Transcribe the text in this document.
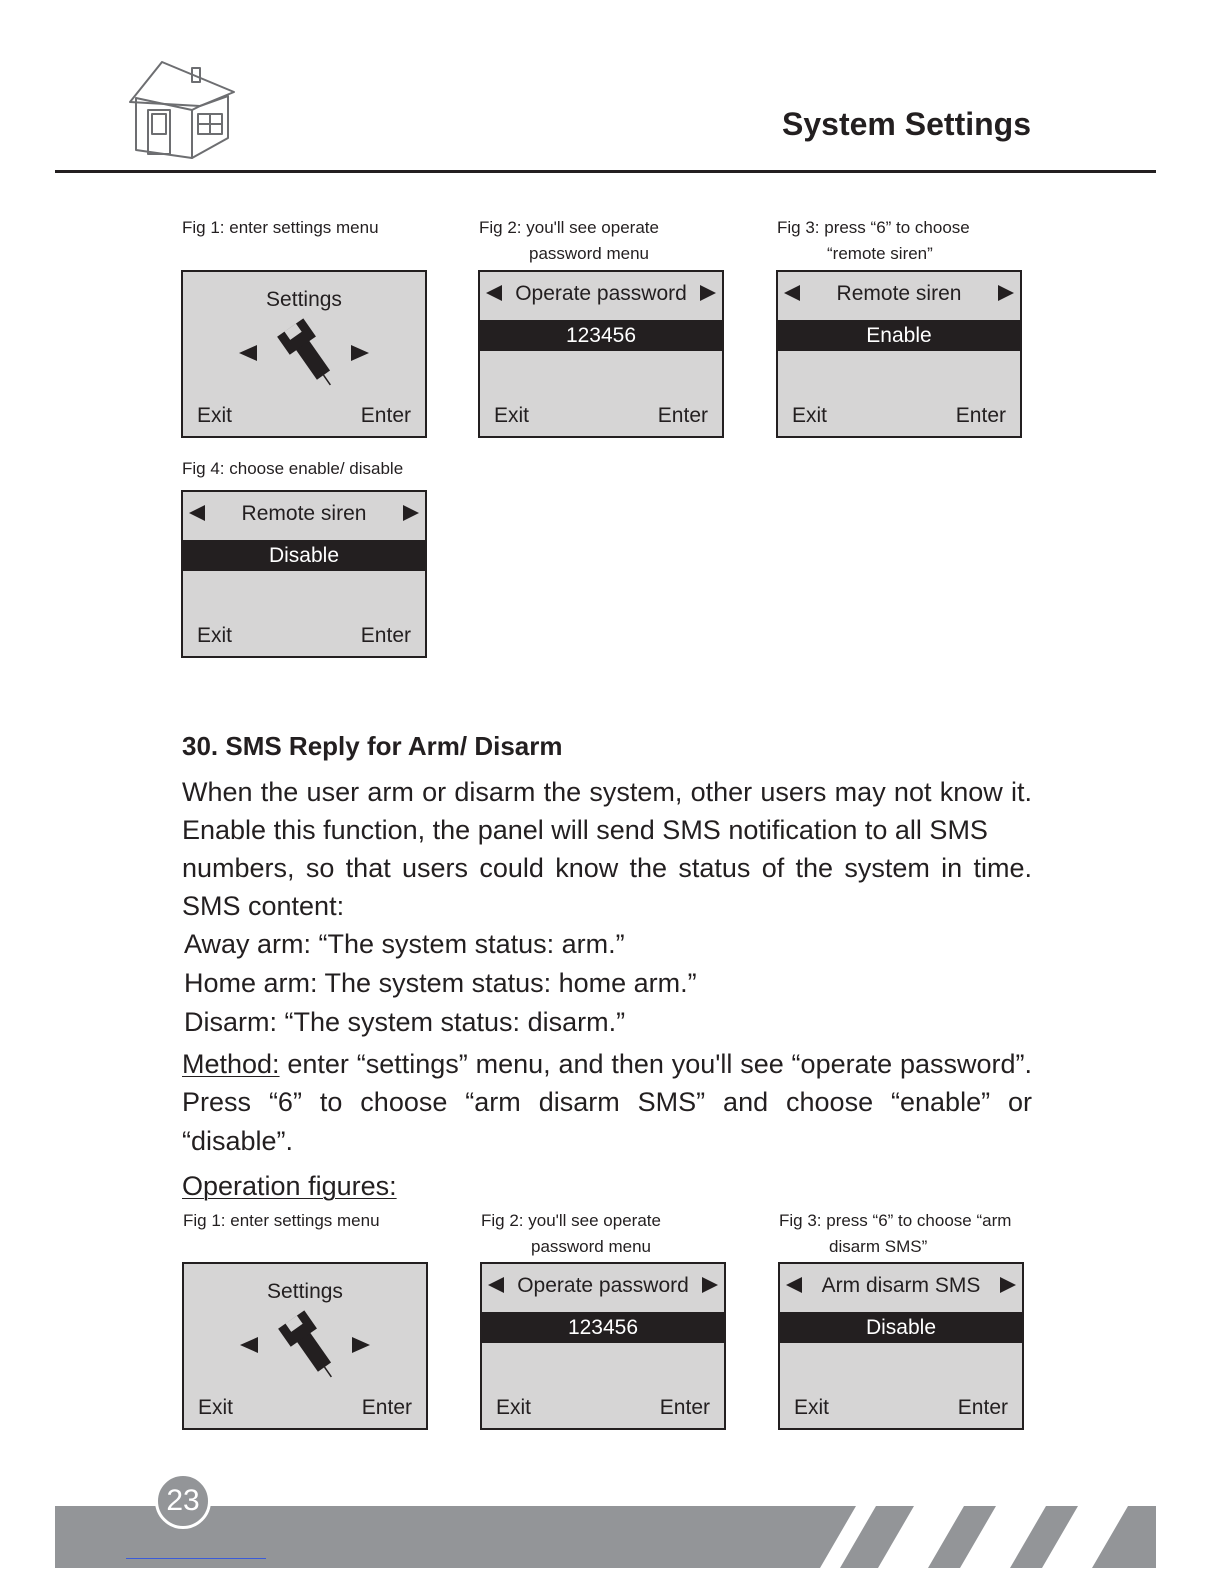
System Settings
Fig 1: enter settings menu
Settings
Exit	Enter
Fig 2: you'll see operate
password menu
Operate password
123456
Exit	Enter
Fig 3: press “6” to choose
“remote siren”
Remote siren
Enable
Exit	Enter
Fig 4: choose enable/ disable
Remote siren
Disable
Exit	Enter
30. SMS Reply for Arm/ Disarm
When the user arm or disarm the system, other users may not know it.
Enable this function, the panel will send SMS notification to all SMS
numbers, so that users could know the status of the system in time.
SMS content:
Away arm: “The system status: arm.”
Home arm: The system status: home arm.”
Disarm: “The system status: disarm.”
Method: enter “settings” menu, and then you'll see “operate password”.
Press “6” to choose “arm disarm SMS” and choose “enable” or
“disable”.
Operation figures:
Fig 1: enter settings menu
Settings
Exit	Enter
Fig 2: you'll see operate
password menu
Operate password
123456
Exit	Enter
Fig 3: press “6” to choose “arm
disarm SMS”
Arm disarm SMS
Disable
Exit	Enter
23
